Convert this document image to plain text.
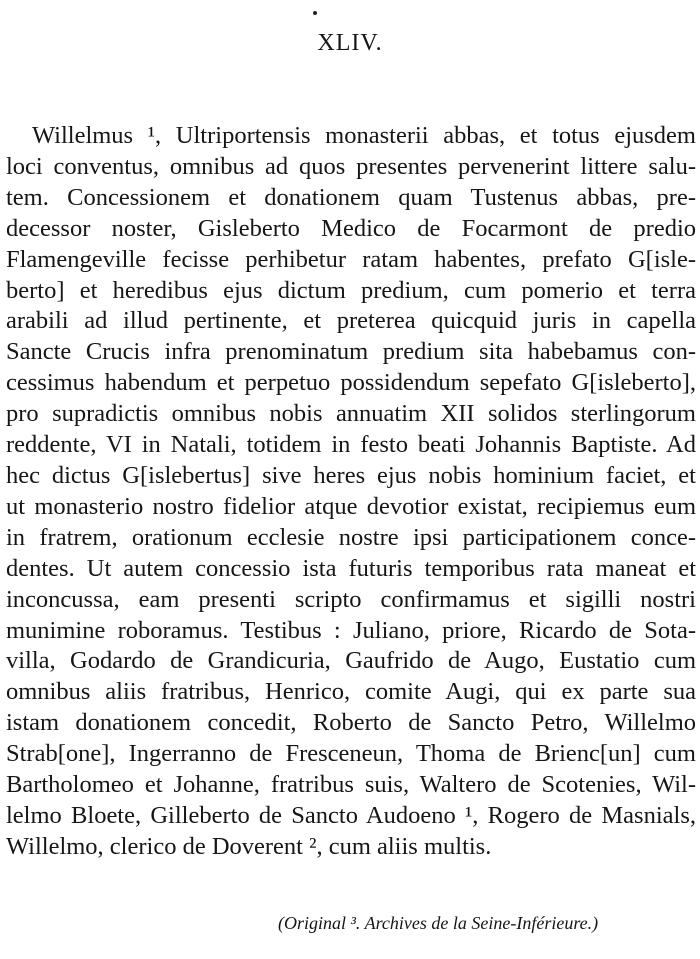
XLIV.
Willelmus ¹, Ultriportensis monasterii abbas, et totus ejusdem
loci conventus, omnibus ad quos presentes pervenerint littere salu-
tem. Concessionem et donationem quam Tustenus abbas, pre-
decessor noster, Gisleberto Medico de Focarmont de predio
Flamengeville fecisse perhibetur ratam habentes, prefato G[isle-
berto] et heredibus ejus dictum predium, cum pomerio et terra
arabili ad illud pertinente, et preterea quicquid juris in capella
Sancte Crucis infra prenominatum predium sita habebamus con-
cessimus habendum et perpetuo possidendum sepefato G[isleberto],
pro supradictis omnibus nobis annuatim XII solidos sterlingorum
reddente, VI in Natali, totidem in festo beati Johannis Baptiste. Ad
hec dictus G[islebertus] sive heres ejus nobis hominium faciet, et
ut monasterio nostro fidelior atque devotior existat, recipiemus eum
in fratrem, orationum ecclesie nostre ipsi participationem conce-
dentes. Ut autem concessio ista futuris temporibus rata maneat et
inconcussa, eam presenti scripto confirmamus et sigilli nostri
munimine roboramus. Testibus : Juliano, priore, Ricardo de Sota-
villa, Godardo de Grandicuria, Gaufrido de Augo, Eustatio cum
omnibus aliis fratribus, Henrico, comite Augi, qui ex parte sua
istam donationem concedit, Roberto de Sancto Petro, Willelmo
Strab[one], Ingerranno de Fresceneun, Thoma de Brienc[un] cum
Bartholomeo et Johanne, fratribus suis, Waltero de Scotenies, Wil-
lelmo Bloete, Gilleberto de Sancto Audoeno ¹, Rogero de Masnials,
Willelmo, clerico de Doverent ², cum aliis multis.
(Original ³. Archives de la Seine-Inférieure.)
